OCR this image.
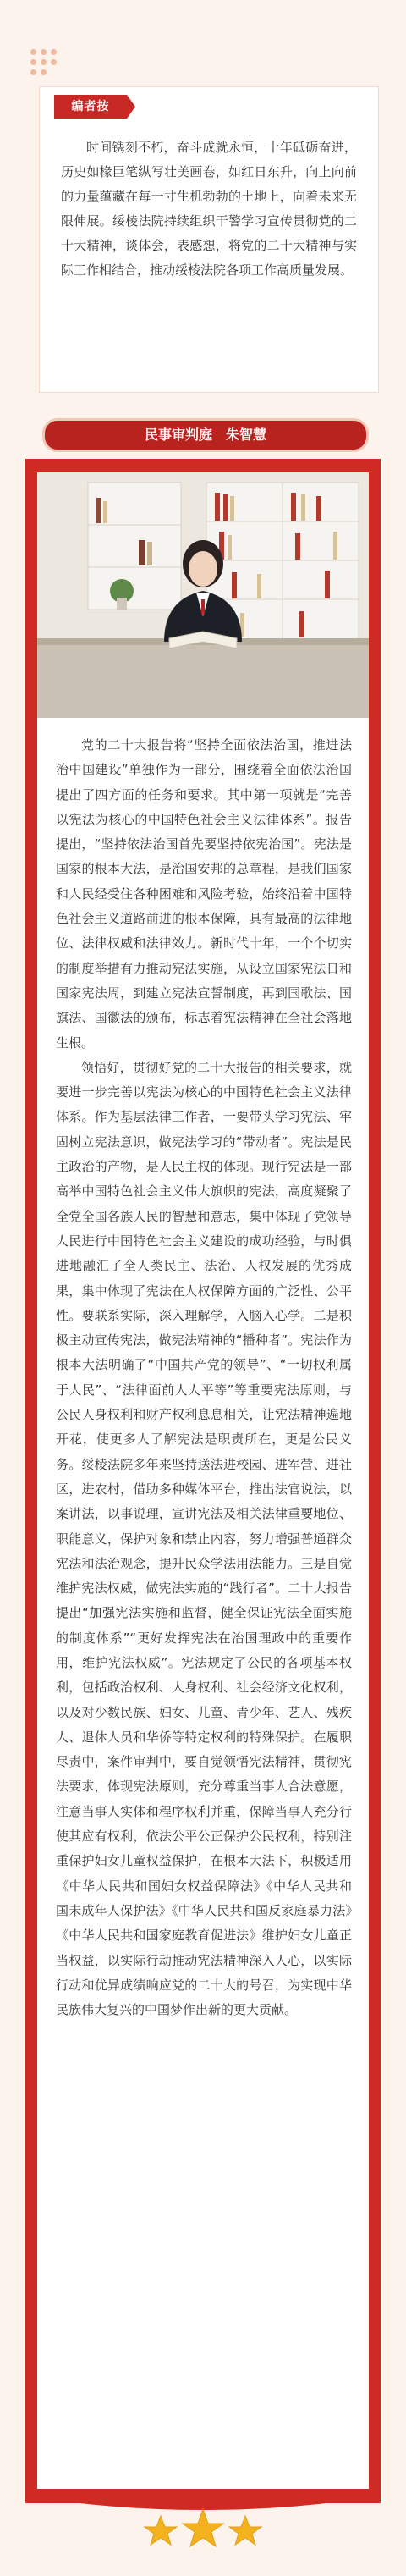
编者按
时间镌刻不朽，奋斗成就永恒，十年砥砺奋进，历史如椽巨笔纵写壮美画卷，如红日东升，向上向前的力量蕴藏在每一寸生机勃勃的土地上，向着未来无限伸展。绥棱法院持续组织干警学习宣传贯彻党的二十大精神，谈体会，表感想，将党的二十大精神与实际工作相结合，推动绥棱法院各项工作高质量发展。
民事审判庭　朱智慧

党的二十大报告将“坚持全面依法治国，推进法治中国建设”单独作为一部分，围绕着全面依法治国提出了四方面的任务和要求。其中第一项就是“完善以宪法为核心的中国特色社会主义法律体系”。报告提出，“坚持依法治国首先要坚持依宪治国”。宪法是国家的根本大法，是治国安邦的总章程，是我们国家和人民经受住各种困难和风险考验，始终沿着中国特色社会主义道路前进的根本保障，具有最高的法律地位、法律权威和法律效力。新时代十年，一个个切实的制度举措有力推动宪法实施，从设立国家宪法日和国家宪法周，到建立宪法宣誓制度，再到国歌法、国旗法、国徽法的颁布，标志着宪法精神在全社会落地生根。

领悟好，贯彻好党的二十大报告的相关要求，就要进一步完善以宪法为核心的中国特色社会主义法律体系。作为基层法律工作者，一要带头学习宪法、牢固树立宪法意识，做宪法学习的“带动者”。宪法是民主政治的产物，是人民主权的体现。现行宪法是一部高举中国特色社会主义伟大旗帜的宪法，高度凝聚了全党全国各族人民的智慧和意志，集中体现了党领导人民进行中国特色社会主义建设的成功经验，与时俱进地融汇了全人类民主、法治、人权发展的优秀成果，集中体现了宪法在人权保障方面的广泛性、公平性。要联系实际，深入理解学，入脑入心学。二是积极主动宣传宪法，做宪法精神的“播种者”。宪法作为根本大法明确了“中国共产党的领导”、“一切权利属于人民”、“法律面前人人平等”等重要宪法原则，与公民人身权利和财产权利息息相关，让宪法精神遍地开花，使更多人了解宪法是职责所在，更是公民义务。绥棱法院多年来坚持送法进校园、进军营、进社区，进农村，借助多种媒体平台，推出法官说法，以案讲法，以事说理，宣讲宪法及相关法律重要地位、职能意义，保护对象和禁止内容，努力增强普通群众宪法和法治观念，提升民众学法用法能力。三是自觉维护宪法权威，做宪法实施的“践行者”。二十大报告提出“加强宪法实施和监督，健全保证宪法全面实施的制度体系”“更好发挥宪法在治国理政中的重要作用，维护宪法权威”。宪法规定了公民的各项基本权利，包括政治权利、人身权利、社会经济文化权利，以及对少数民族、妇女、儿童、青少年、艺人、残疾人、退休人员和华侨等特定权利的特殊保护。在履职尽责中，案件审判中，要自觉领悟宪法精神，贯彻宪法要求，体现宪法原则，充分尊重当事人合法意愿，注意当事人实体和程序权利并重，保障当事人充分行使其应有权利，依法公平公正保护公民权利，特别注重保护妇女儿童权益保护，在根本大法下，积极适用《中华人民共和国妇女权益保障法》《中华人民共和国未成年人保护法》《中华人民共和国反家庭暴力法》《中华人民共和国家庭教育促进法》维护妇女儿童正当权益，以实际行动推动宪法精神深入人心，以实际行动和优异成绩响应党的二十大的号召，为实现中华民族伟大复兴的中国梦作出新的更大贡献。
